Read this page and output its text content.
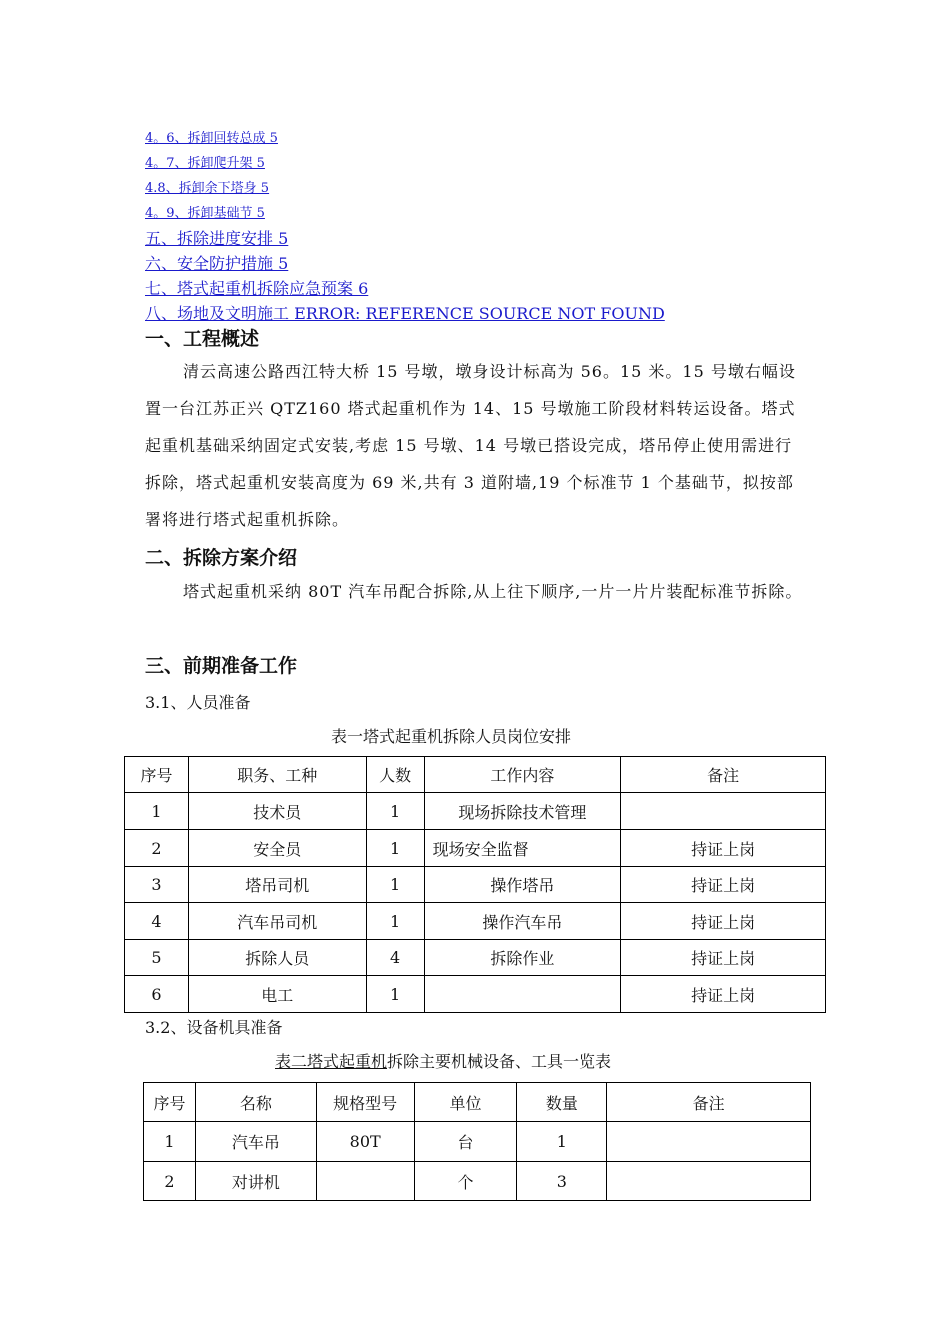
4。6、拆卸回转总成 5
4。7、拆卸爬升架 5
4.8、拆卸余下塔身 5
4。9、拆卸基础节 5
五、拆除进度安排 5
六、安全防护措施 5
七、塔式起重机拆除应急预案 6
八、场地及文明施工 ERROR: REFERENCE SOURCE NOT FOUND
一、工程概述

清云高速公路西江特大桥 15 号墩，墩身设计标高为 56。15 米。15 号墩右幅设置一台江苏正兴 QTZ160 塔式起重机作为 14、15 号墩施工阶段材料转运设备。塔式起重机基础采纳固定式安装,考虑 15 号墩、14 号墩已搭设完成，塔吊停止使用需进行拆除，塔式起重机安装高度为 69 米,共有 3 道附墙,19 个标准节 1 个基础节，拟按部署将进行塔式起重机拆除。

二、拆除方案介绍

塔式起重机采纳 80T 汽车吊配合拆除,从上往下顺序,一片一片片装配标准节拆除。

三、前期准备工作

3.1、人员准备

表一塔式起重机拆除人员岗位安排

序号	职务、工种	人数	工作内容	备注
1	技术员	1	现场拆除技术管理	
2	安全员	1	现场安全监督	持证上岗
3	塔吊司机	1	操作塔吊	持证上岗
4	汽车吊司机	1	操作汽车吊	持证上岗
5	拆除人员	4	拆除作业	持证上岗
6	电工	1		持证上岗

3.2、设备机具准备

表二塔式起重机拆除主要机械设备、工具一览表

序号	名称	规格型号	单位	数量	备注
1	汽车吊	80T	台	1	
2	对讲机		个	3	
